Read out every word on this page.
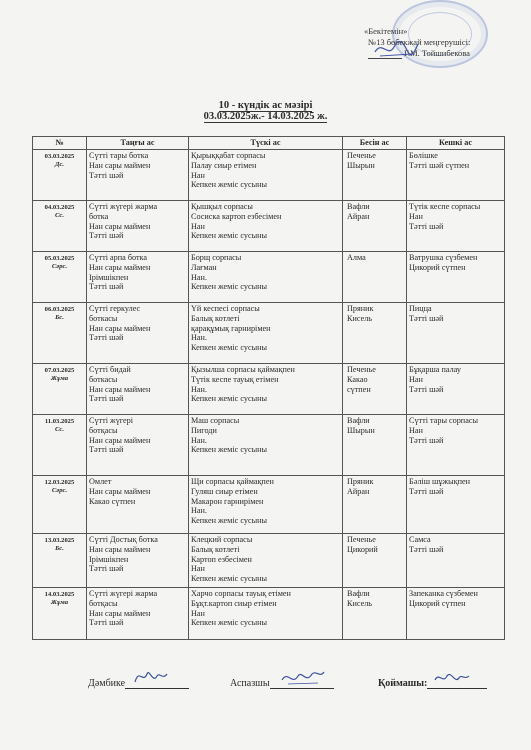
«Бекітемін»
№13 бөбекжай меңгерушісі:
Г.М. Тойшибекова
10 - күндік ас мәзірі
03.03.2025ж.- 14.03.2025 ж.
№	Таңғы ас	Түскі ас	Бесін ас	Кешкі ас

03.03.2025
Дс.	Сүтті тары ботка
Нан сары маймен
Тәтті шәй	Қырыққабат сорпасы
Палау сиыр етімен
Нан
Кепкен жеміс сусыны	Печенье
Шырын	Бөлішке
Тәтті шәй сүтпен

04.03.2025
Сс.	Сүтті жүгері жарма
ботка
Нан сары маймен
Тәтті шәй	Қышқыл сорпасы
Сосиска картоп езбесімен
Нан
Кепкен жеміс сусыны	Вафли
Айран	Түтік кеспе сорпасы
Нан
Тәтті шәй

05.03.2025
Сәрс.	Сүтті арпа ботка
Нан сары маймен
Ірімшікпен
Тәтті шәй	Борщ сорпасы
Лағман
Нан.
Кепкен жеміс сусыны	Алма	Ватрушка сүзбемен
Цикорий сүтпен

06.03.2025
Бс.	Сүтті геркулес
боткасы
Нан сары маймен
Тәтті шәй	Үй кеспесі сорпасы
Балық котлеті
қарақұмық гарнирімен
Нан.
Кепкен жеміс сусыны	Пряник
Кисель	Пицца
Тәтті шәй

07.03.2025
Жұма	Сүтті бидай
боткасы
Нан сары маймен
Тәтті шәй	Қызылша сорпасы қаймақпен
Түтік кеспе тауық етімен
Нан.
Кепкен жеміс сусыны	Печенье
Какао
сүтпен	Бұқарша палау
Нан
Тәтті шәй

11.03.2025
Сс.	Сүтті жүгері
ботқасы
Нан сары маймен
Тәтті шәй	Маш сорпасы
Пигоди
Нан.
Кепкен жеміс сусыны	Вафли
Шырын	Сүтті тары сорпасы
Нан
Тәтті шәй

12.03.2025
Сәрс.	Омлет
Нан сары маймен
Какао сүтпен	Щи сорпасы қаймақпен
Гуляш сиыр етімен
Макарон гарнирімен
Нан.
Кепкен жеміс сусыны	Пряник
Айран	Бәліш шұжықпен
Тәтті шәй

13.03.2025
Бс.	Сүтті Достық ботка
Нан сары маймен
Ірімшікпен
Тәтті шәй	Клецкий сорпасы
Балық котлеті
Картоп езбесімен
Нан
Кепкен жеміс сусыны	Печенье
Цикорий	Самса
Тәтті шәй

14.03.2025
Жұма	Сүтті жүгері жарма
ботқасы
Нан сары маймен
Тәтті шәй	Харчо сорпасы тауық етімен
Бұқт.картоп сиыр етімен
Нан
Кепкен жеміс сусыны	Вафли
Кисель	Запеканка сүзбемен
Цикорий сүтпен
Дәмбике	Аспазшы	Қоймашы:
